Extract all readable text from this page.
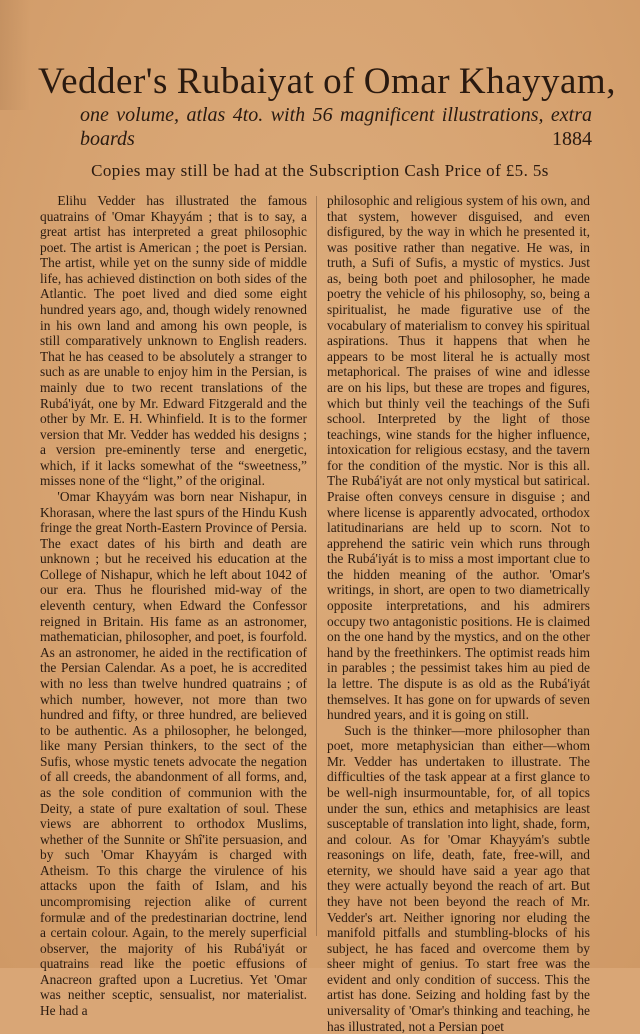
Vedder's Rubaiyat of Omar Khayyam,
one volume, atlas 4to. with 56 magnificent illustrations, extra
boards	1884
Copies may still be had at the Subscription Cash Price of £5. 5s

Elihu Vedder has illustrated the famous quatrains of 'Omar Khayyám ; that is to say, a great artist has interpreted a great philosophic poet. The artist is American ; the poet is Persian. The artist, while yet on the sunny side of middle life, has achieved distinction on both sides of the Atlantic. The poet lived and died some eight hundred years ago, and, though widely renowned in his own land and among his own people, is still comparatively unknown to English readers. That he has ceased to be absolutely a stranger to such as are unable to enjoy him in the Persian, is mainly due to two recent translations of the Rubá'iyát, one by Mr. Edward Fitzgerald and the other by Mr. E. H. Whinfield. It is to the former version that Mr. Vedder has wedded his designs ; a version pre-eminently terse and energetic, which, if it lacks somewhat of the “sweetness,” misses none of the “light,” of the original.

'Omar Khayyám was born near Nishapur, in Khorasan, where the last spurs of the Hindu Kush fringe the great North-Eastern Province of Persia. The exact dates of his birth and death are unknown ; but he received his education at the College of Nishapur, which he left about 1042 of our era. Thus he flourished mid-way of the eleventh century, when Edward the Confessor reigned in Britain. His fame as an astronomer, mathematician, philosopher, and poet, is fourfold. As an astronomer, he aided in the rectification of the Persian Calendar. As a poet, he is accredited with no less than twelve hundred quatrains ; of which number, however, not more than two hundred and fifty, or three hundred, are believed to be authentic. As a philosopher, he belonged, like many Persian thinkers, to the sect of the Sufis, whose mystic tenets advocate the negation of all creeds, the abandonment of all forms, and, as the sole condition of communion with the Deity, a state of pure exaltation of soul. These views are abhorrent to orthodox Muslims, whether of the Sunnite or Shî'ite persuasion, and by such 'Omar Khayyám is charged with Atheism. To this charge the virulence of his attacks upon the faith of Islam, and his uncompromising rejection alike of current formulæ and of the predestinarian doctrine, lend a certain colour. Again, to the merely superficial observer, the majority of his Rubá'iyát or quatrains read like the poetic effusions of Anacreon grafted upon a Lucretius. Yet 'Omar was neither sceptic, sensualist, nor materialist. He had a

philosophic and religious system of his own, and that system, however disguised, and even disfigured, by the way in which he presented it, was positive rather than negative. He was, in truth, a Sufi of Sufis, a mystic of mystics. Just as, being both poet and philosopher, he made poetry the vehicle of his philosophy, so, being a spiritualist, he made figurative use of the vocabulary of materialism to convey his spiritual aspirations. Thus it happens that when he appears to be most literal he is actually most metaphorical. The praises of wine and idlesse are on his lips, but these are tropes and figures, which but thinly veil the teachings of the Sufi school. Interpreted by the light of those teachings, wine stands for the higher influence, intoxication for religious ecstasy, and the tavern for the condition of the mystic. Nor is this all. The Rubá'iyát are not only mystical but satirical. Praise often conveys censure in disguise ; and where license is apparently advocated, orthodox latitudinarians are held up to scorn. Not to apprehend the satiric vein which runs through the Rubá'iyát is to miss a most important clue to the hidden meaning of the author. 'Omar's writings, in short, are open to two diametrically opposite interpretations, and his admirers occupy two antagonistic positions. He is claimed on the one hand by the mystics, and on the other hand by the freethinkers. The optimist reads him in parables ; the pessimist takes him au pied de la lettre. The dispute is as old as the Rubá'iyát themselves. It has gone on for upwards of seven hundred years, and it is going on still.

Such is the thinker—more philosopher than poet, more metaphysician than either—whom Mr. Vedder has undertaken to illustrate. The difficulties of the task appear at a first glance to be well-nigh insurmountable, for, of all topics under the sun, ethics and metaphisics are least susceptable of translation into light, shade, form, and colour. As for 'Omar Khayyám's subtle reasonings on life, death, fate, free-will, and eternity, we should have said a year ago that they were actually beyond the reach of art. But they have not been beyond the reach of Mr. Vedder's art. Neither ignoring nor eluding the manifold pitfalls and stumbling-blocks of his subject, he has faced and overcome them by sheer might of genius. To start free was the evident and only condition of success. This the artist has done. Seizing and holding fast by the universality of 'Omar's thinking and teaching, he has illustrated, not a Persian poet
